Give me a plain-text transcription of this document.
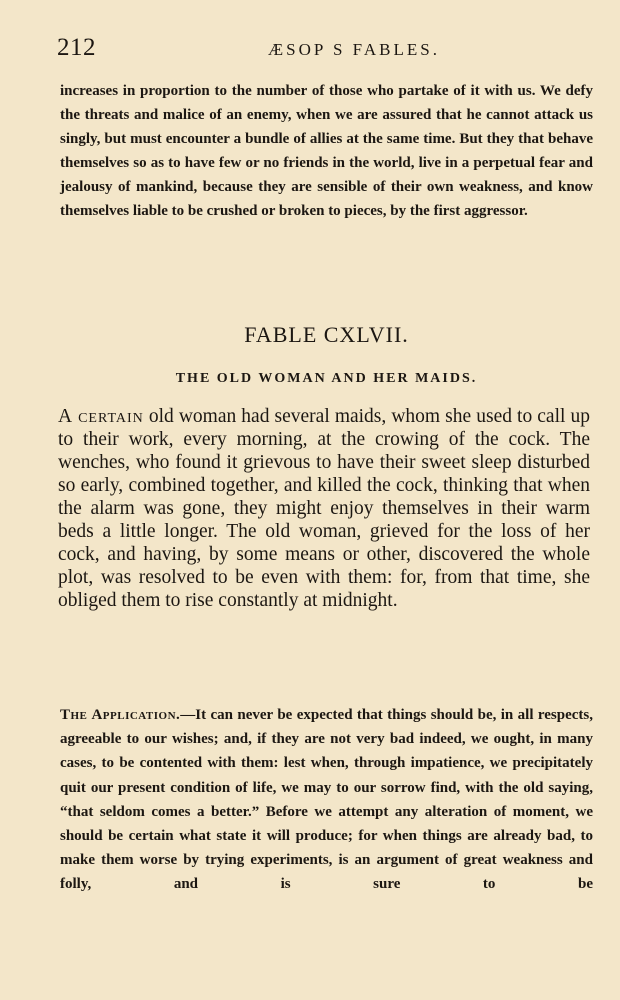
212	ÆSOP S FABLES.

increases in proportion to the number of those who partake of it with us. We defy the threats and malice of an enemy, when we are assured that he cannot attack us singly, but must encounter a bundle of allies at the same time. But they that behave themselves so as to have few or no friends in the world, live in a perpetual fear and jealousy of mankind, because they are sensible of their own weakness, and know themselves liable to be crushed or broken to pieces, by the first aggressor.

FABLE CXLVII.
THE OLD WOMAN AND HER MAIDS.

A certain old woman had several maids, whom she used to call up to their work, every morning, at the crowing of the cock. The wenches, who found it grievous to have their sweet sleep disturbed so early, combined together, and killed the cock, thinking that when the alarm was gone, they might enjoy themselves in their warm beds a little longer. The old woman, grieved for the loss of her cock, and having, by some means or other, discovered the whole plot, was resolved to be even with them: for, from that time, she obliged them to rise constantly at midnight.

The Application.—It can never be expected that things should be, in all respects, agreeable to our wishes; and, if they are not very bad indeed, we ought, in many cases, to be contented with them: lest when, through impatience, we precipitately quit our present condition of life, we may to our sorrow find, with the old saying, “that seldom comes a better.” Before we attempt any alteration of moment, we should be certain what state it will produce; for when things are already bad, to make them worse by trying experiments, is an argument of great weakness and folly, and is sure to be
